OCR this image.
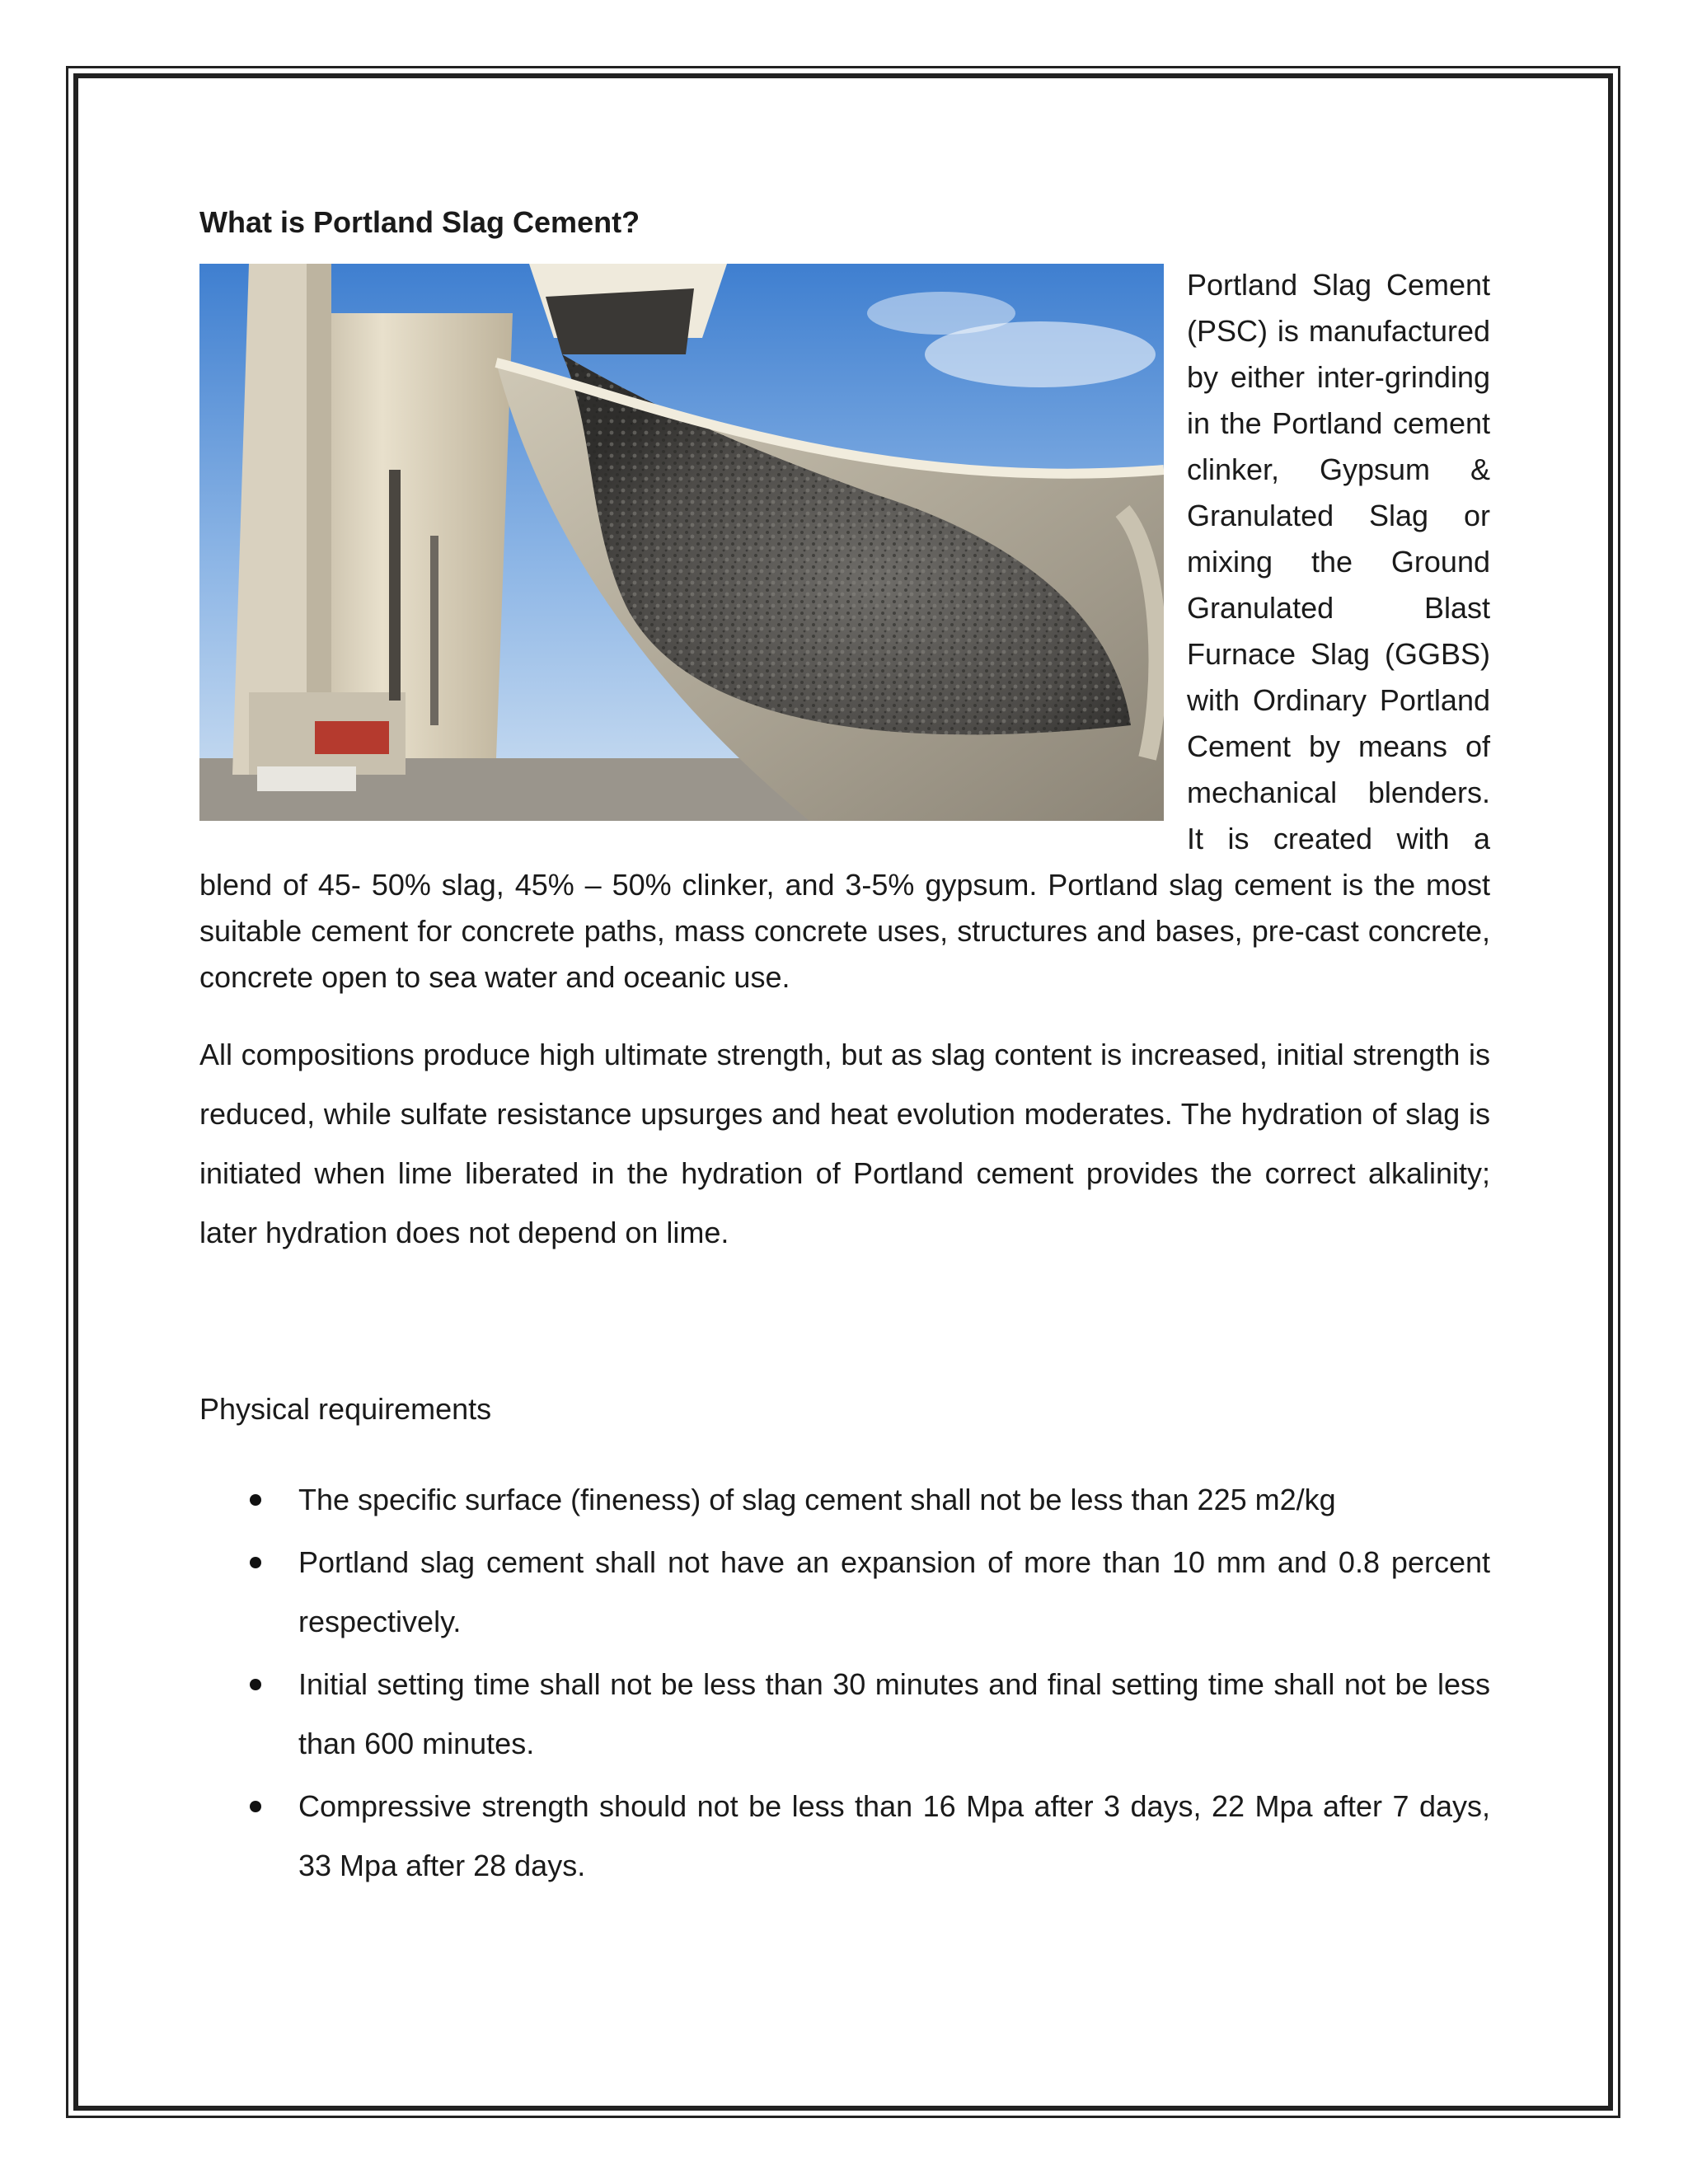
What is Portland Slag Cement?

Portland Slag Cement (PSC) is manufactured by either inter-grinding in the Portland cement clinker, Gypsum & Granulated Slag or mixing the Ground Granulated Blast Furnace Slag (GGBS) with Ordinary Portland Cement by means of mechanical blenders. It is created with a blend of 45- 50% slag, 45% – 50% clinker, and 3-5% gypsum. Portland slag cement is the most suitable cement for concrete paths, mass concrete uses, structures and bases, pre-cast concrete, concrete open to sea water and oceanic use.

All compositions produce high ultimate strength, but as slag content is increased, initial strength is reduced, while sulfate resistance upsurges and heat evolution moderates. The hydration of slag is initiated when lime liberated in the hydration of Portland cement provides the correct alkalinity; later hydration does not depend on lime.

Physical requirements

The specific surface (fineness) of slag cement shall not be less than 225 m2/kg
Portland slag cement shall not have an expansion of more than 10 mm and 0.8 percent respectively.
Initial setting time shall not be less than 30 minutes and final setting time shall not be less than 600 minutes.
Compressive strength should not be less than 16 Mpa after 3 days, 22 Mpa after 7 days, 33 Mpa after 28 days.
